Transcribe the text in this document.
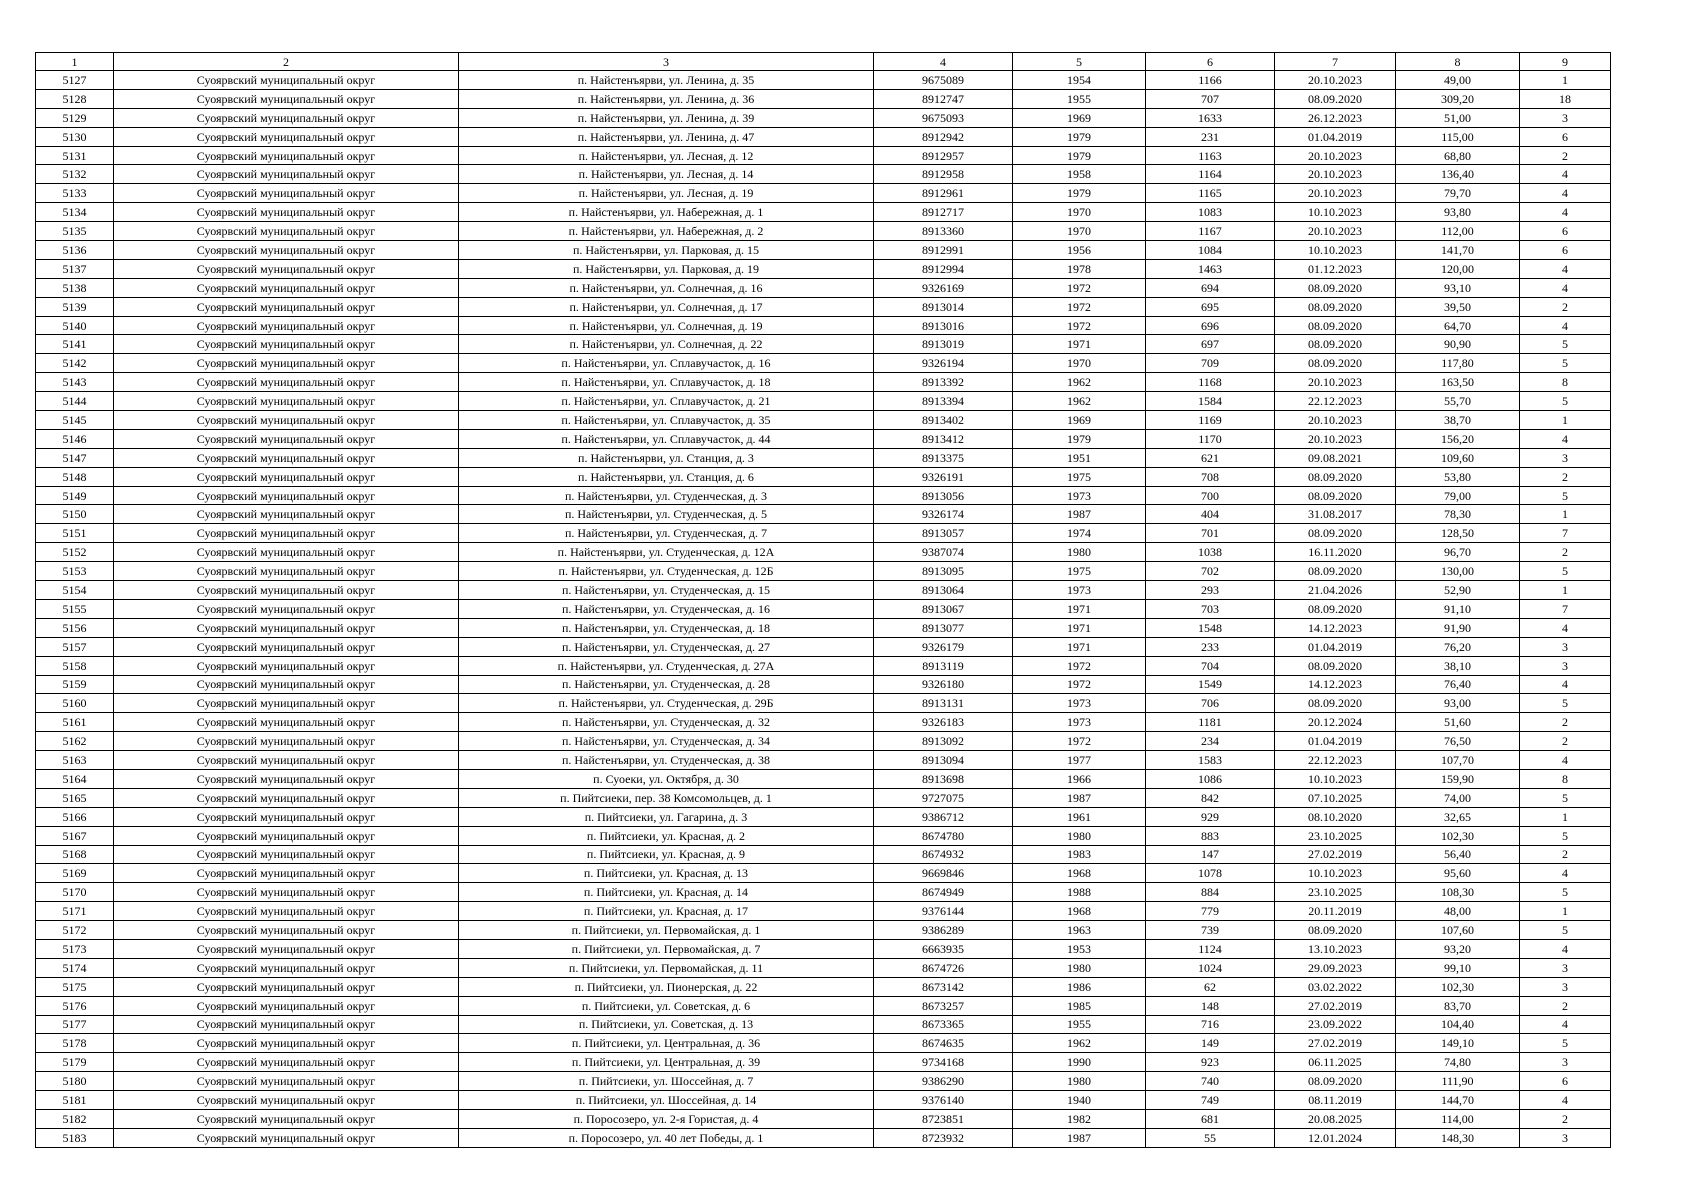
1	2	3	4	5	6	7	8	9
5127	Суоярвский муниципальный округ	п. Найстенъярви, ул. Ленина, д. 35	9675089	1954	1166	20.10.2023	49,00	1
5128	Суоярвский муниципальный округ	п. Найстенъярви, ул. Ленина, д. 36	8912747	1955	707	08.09.2020	309,20	18
5129	Суоярвский муниципальный округ	п. Найстенъярви, ул. Ленина, д. 39	9675093	1969	1633	26.12.2023	51,00	3
5130	Суоярвский муниципальный округ	п. Найстенъярви, ул. Ленина, д. 47	8912942	1979	231	01.04.2019	115,00	6
5131	Суоярвский муниципальный округ	п. Найстенъярви, ул. Лесная, д. 12	8912957	1979	1163	20.10.2023	68,80	2
5132	Суоярвский муниципальный округ	п. Найстенъярви, ул. Лесная, д. 14	8912958	1958	1164	20.10.2023	136,40	4
5133	Суоярвский муниципальный округ	п. Найстенъярви, ул. Лесная, д. 19	8912961	1979	1165	20.10.2023	79,70	4
5134	Суоярвский муниципальный округ	п. Найстенъярви, ул. Набережная, д. 1	8912717	1970	1083	10.10.2023	93,80	4
5135	Суоярвский муниципальный округ	п. Найстенъярви, ул. Набережная, д. 2	8913360	1970	1167	20.10.2023	112,00	6
5136	Суоярвский муниципальный округ	п. Найстенъярви, ул. Парковая, д. 15	8912991	1956	1084	10.10.2023	141,70	6
5137	Суоярвский муниципальный округ	п. Найстенъярви, ул. Парковая, д. 19	8912994	1978	1463	01.12.2023	120,00	4
5138	Суоярвский муниципальный округ	п. Найстенъярви, ул. Солнечная, д. 16	9326169	1972	694	08.09.2020	93,10	4
5139	Суоярвский муниципальный округ	п. Найстенъярви, ул. Солнечная, д. 17	8913014	1972	695	08.09.2020	39,50	2
5140	Суоярвский муниципальный округ	п. Найстенъярви, ул. Солнечная, д. 19	8913016	1972	696	08.09.2020	64,70	4
5141	Суоярвский муниципальный округ	п. Найстенъярви, ул. Солнечная, д. 22	8913019	1971	697	08.09.2020	90,90	5
5142	Суоярвский муниципальный округ	п. Найстенъярви, ул. Сплавучасток, д. 16	9326194	1970	709	08.09.2020	117,80	5
5143	Суоярвский муниципальный округ	п. Найстенъярви, ул. Сплавучасток, д. 18	8913392	1962	1168	20.10.2023	163,50	8
5144	Суоярвский муниципальный округ	п. Найстенъярви, ул. Сплавучасток, д. 21	8913394	1962	1584	22.12.2023	55,70	5
5145	Суоярвский муниципальный округ	п. Найстенъярви, ул. Сплавучасток, д. 35	8913402	1969	1169	20.10.2023	38,70	1
5146	Суоярвский муниципальный округ	п. Найстенъярви, ул. Сплавучасток, д. 44	8913412	1979	1170	20.10.2023	156,20	4
5147	Суоярвский муниципальный округ	п. Найстенъярви, ул. Станция, д. 3	8913375	1951	621	09.08.2021	109,60	3
5148	Суоярвский муниципальный округ	п. Найстенъярви, ул. Станция, д. 6	9326191	1975	708	08.09.2020	53,80	2
5149	Суоярвский муниципальный округ	п. Найстенъярви, ул. Студенческая, д. 3	8913056	1973	700	08.09.2020	79,00	5
5150	Суоярвский муниципальный округ	п. Найстенъярви, ул. Студенческая, д. 5	9326174	1987	404	31.08.2017	78,30	1
5151	Суоярвский муниципальный округ	п. Найстенъярви, ул. Студенческая, д. 7	8913057	1974	701	08.09.2020	128,50	7
5152	Суоярвский муниципальный округ	п. Найстенъярви, ул. Студенческая, д. 12А	9387074	1980	1038	16.11.2020	96,70	2
5153	Суоярвский муниципальный округ	п. Найстенъярви, ул. Студенческая, д. 12Б	8913095	1975	702	08.09.2020	130,00	5
5154	Суоярвский муниципальный округ	п. Найстенъярви, ул. Студенческая, д. 15	8913064	1973	293	21.04.2026	52,90	1
5155	Суоярвский муниципальный округ	п. Найстенъярви, ул. Студенческая, д. 16	8913067	1971	703	08.09.2020	91,10	7
5156	Суоярвский муниципальный округ	п. Найстенъярви, ул. Студенческая, д. 18	8913077	1971	1548	14.12.2023	91,90	4
5157	Суоярвский муниципальный округ	п. Найстенъярви, ул. Студенческая, д. 27	9326179	1971	233	01.04.2019	76,20	3
5158	Суоярвский муниципальный округ	п. Найстенъярви, ул. Студенческая, д. 27А	8913119	1972	704	08.09.2020	38,10	3
5159	Суоярвский муниципальный округ	п. Найстенъярви, ул. Студенческая, д. 28	9326180	1972	1549	14.12.2023	76,40	4
5160	Суоярвский муниципальный округ	п. Найстенъярви, ул. Студенческая, д. 29Б	8913131	1973	706	08.09.2020	93,00	5
5161	Суоярвский муниципальный округ	п. Найстенъярви, ул. Студенческая, д. 32	9326183	1973	1181	20.12.2024	51,60	2
5162	Суоярвский муниципальный округ	п. Найстенъярви, ул. Студенческая, д. 34	8913092	1972	234	01.04.2019	76,50	2
5163	Суоярвский муниципальный округ	п. Найстенъярви, ул. Студенческая, д. 38	8913094	1977	1583	22.12.2023	107,70	4
5164	Суоярвский муниципальный округ	п. Суоеки, ул. Октября, д. 30	8913698	1966	1086	10.10.2023	159,90	8
5165	Суоярвский муниципальный округ	п. Пийтсиеки, пер. 38 Комсомольцев, д. 1	9727075	1987	842	07.10.2025	74,00	5
5166	Суоярвский муниципальный округ	п. Пийтсиеки, ул. Гагарина, д. 3	9386712	1961	929	08.10.2020	32,65	1
5167	Суоярвский муниципальный округ	п. Пийтсиеки, ул. Красная, д. 2	8674780	1980	883	23.10.2025	102,30	5
5168	Суоярвский муниципальный округ	п. Пийтсиеки, ул. Красная, д. 9	8674932	1983	147	27.02.2019	56,40	2
5169	Суоярвский муниципальный округ	п. Пийтсиеки, ул. Красная, д. 13	9669846	1968	1078	10.10.2023	95,60	4
5170	Суоярвский муниципальный округ	п. Пийтсиеки, ул. Красная, д. 14	8674949	1988	884	23.10.2025	108,30	5
5171	Суоярвский муниципальный округ	п. Пийтсиеки, ул. Красная, д. 17	9376144	1968	779	20.11.2019	48,00	1
5172	Суоярвский муниципальный округ	п. Пийтсиеки, ул. Первомайская, д. 1	9386289	1963	739	08.09.2020	107,60	5
5173	Суоярвский муниципальный округ	п. Пийтсиеки, ул. Первомайская, д. 7	6663935	1953	1124	13.10.2023	93,20	4
5174	Суоярвский муниципальный округ	п. Пийтсиеки, ул. Первомайская, д. 11	8674726	1980	1024	29.09.2023	99,10	3
5175	Суоярвский муниципальный округ	п. Пийтсиеки, ул. Пионерская, д. 22	8673142	1986	62	03.02.2022	102,30	3
5176	Суоярвский муниципальный округ	п. Пийтсиеки, ул. Советская, д. 6	8673257	1985	148	27.02.2019	83,70	2
5177	Суоярвский муниципальный округ	п. Пийтсиеки, ул. Советская, д. 13	8673365	1955	716	23.09.2022	104,40	4
5178	Суоярвский муниципальный округ	п. Пийтсиеки, ул. Центральная, д. 36	8674635	1962	149	27.02.2019	149,10	5
5179	Суоярвский муниципальный округ	п. Пийтсиеки, ул. Центральная, д. 39	9734168	1990	923	06.11.2025	74,80	3
5180	Суоярвский муниципальный округ	п. Пийтсиеки, ул. Шоссейная, д. 7	9386290	1980	740	08.09.2020	111,90	6
5181	Суоярвский муниципальный округ	п. Пийтсиеки, ул. Шоссейная, д. 14	9376140	1940	749	08.11.2019	144,70	4
5182	Суоярвский муниципальный округ	п. Поросозеро, ул. 2-я Гористая, д. 4	8723851	1982	681	20.08.2025	114,00	2
5183	Суоярвский муниципальный округ	п. Поросозеро, ул. 40 лет Победы, д. 1	8723932	1987	55	12.01.2024	148,30	3
